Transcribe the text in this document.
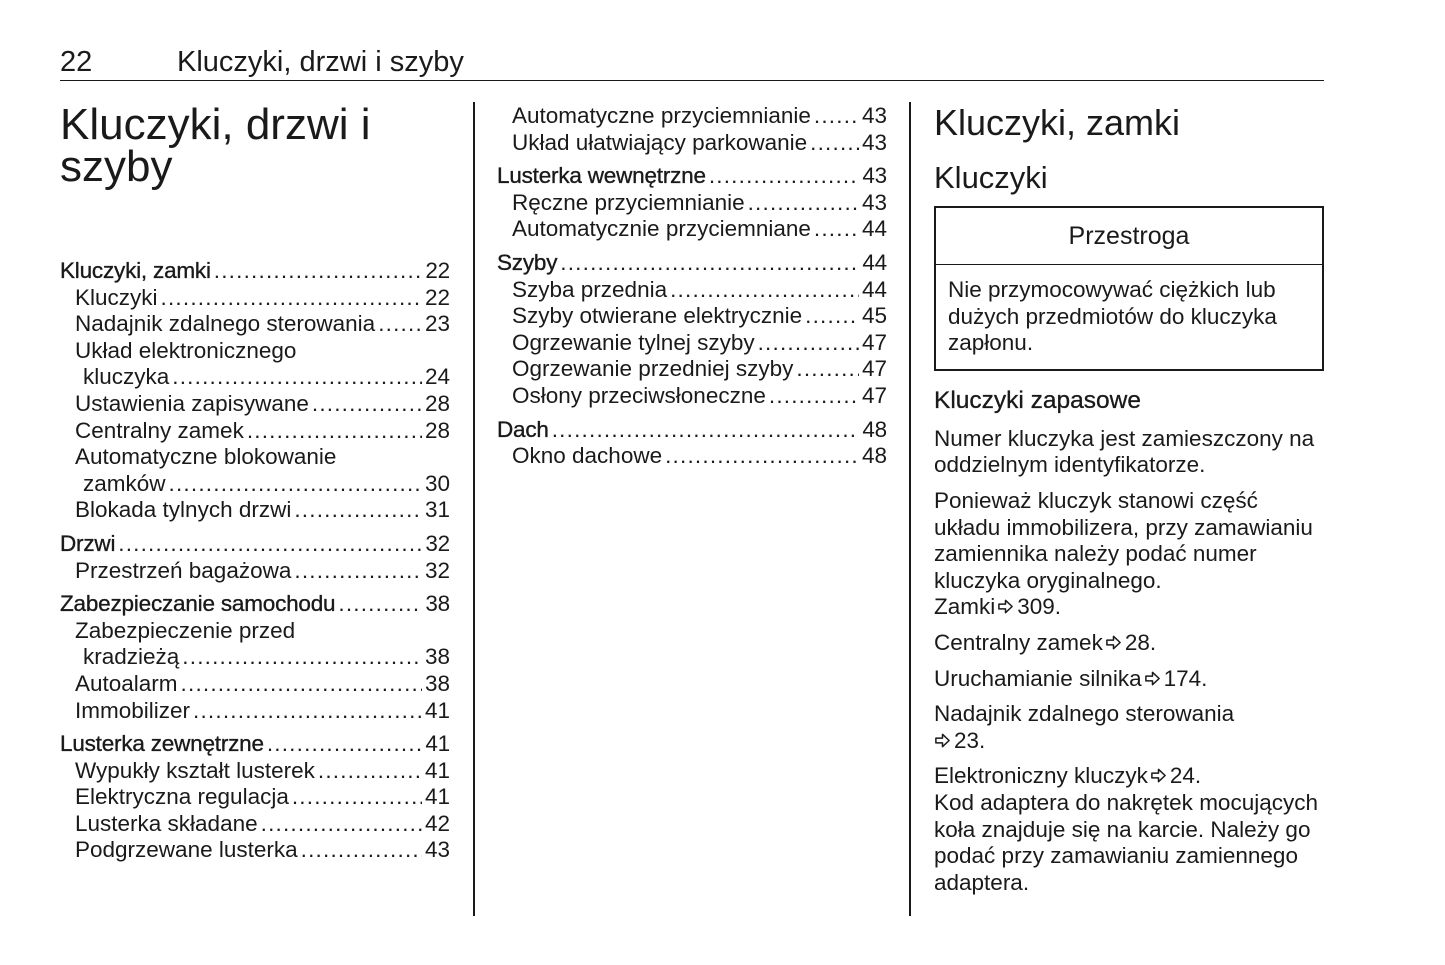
22	Kluczyki, drzwi i szyby
Kluczyki, drzwi i szyby
Kluczyki, zamki .....	22
Kluczyki .....	22
Nadajnik zdalnego sterowania ..... 23
Układ elektronicznego
kluczyka .....	24
Ustawienia zapisywane .....	28
Centralny zamek .....	28
Automatyczne blokowanie
zamków .....	30
Blokada tylnych drzwi .....	31
Drzwi .....	32
Przestrzeń bagażowa .....	32
Zabezpieczanie samochodu .....	38
Zabezpieczenie przed
kradzieżą .....	38
Autoalarm .....	38
Immobilizer .....	41
Lusterka zewnętrzne .....	41
Wypukły kształt lusterek .....	41
Elektryczna regulacja .....	41
Lusterka składane .....	42
Podgrzewane lusterka .....	43
Automatyczne przyciemnianie ..... 43
Układ ułatwiający parkowanie ..... 43
Lusterka wewnętrzne .....	43
Ręczne przyciemnianie .....	43
Automatycznie przyciemniane ..... 44
Szyby .....	44
Szyba przednia .....	44
Szyby otwierane elektrycznie .....	45
Ogrzewanie tylnej szyby .....	47
Ogrzewanie przedniej szyby .....	47
Osłony przeciwsłoneczne .....	47
Dach .....	48
Okno dachowe .....	48
Kluczyki, zamki
Kluczyki
Przestroga
Nie przymocowywać ciężkich lub dużych przedmiotów do kluczyka zapłonu.
Kluczyki zapasowe

Numer kluczyka jest zamieszczony na oddzielnym identyfikatorze.

Ponieważ kluczyk stanowi część układu immobilizera, przy zamawianiu zamiennika należy podać numer kluczyka oryginalnego.

Zamki 309.

Centralny zamek 28.

Uruchamianie silnika 174.

Nadajnik zdalnego sterowania
23.

Elektroniczny kluczyk 24.

Kod adaptera do nakrętek mocujących koła znajduje się na karcie. Należy go podać przy zamawianiu zamiennego adaptera.
